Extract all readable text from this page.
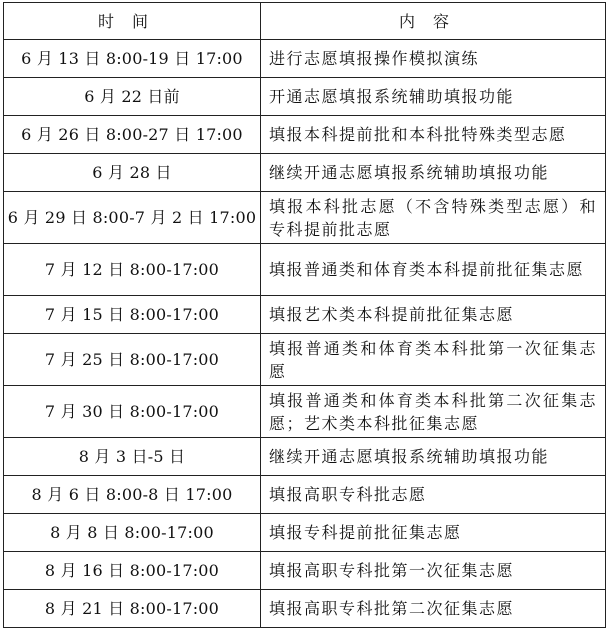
时间	内容
6 月 13 日 8:00-19 日 17:00	进行志愿填报操作模拟演练
6 月 22 日前	开通志愿填报系统辅助填报功能
6 月 26 日 8:00-27 日 17:00	填报本科提前批和本科批特殊类型志愿
6 月 28 日	继续开通志愿填报系统辅助填报功能
6 月 29 日 8:00-7 月 2 日 17:00	填报本科批志愿（不含特殊类型志愿）和专科提前批志愿
7 月 12 日 8:00-17:00	填报普通类和体育类本科提前批征集志愿
7 月 15 日 8:00-17:00	填报艺术类本科提前批征集志愿
7 月 25 日 8:00-17:00	填报普通类和体育类本科批第一次征集志愿
7 月 30 日 8:00-17:00	填报普通类和体育类本科批第二次征集志愿；艺术类本科批征集志愿
8 月 3 日-5 日	继续开通志愿填报系统辅助填报功能
8 月 6 日 8:00-8 日 17:00	填报高职专科批志愿
8 月 8 日 8:00-17:00	填报专科提前批征集志愿
8 月 16 日 8:00-17:00	填报高职专科批第一次征集志愿
8 月 21 日 8:00-17:00	填报高职专科批第二次征集志愿
